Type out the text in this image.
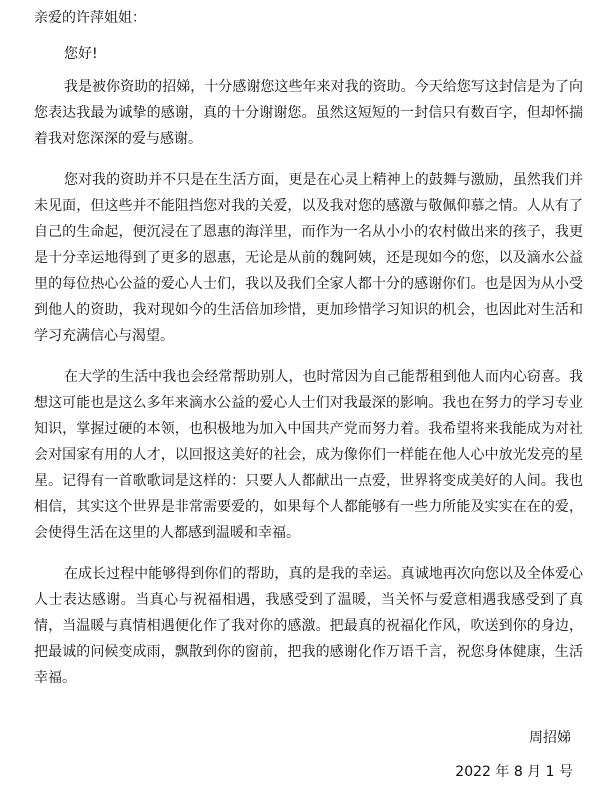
亲爱的许萍姐姐：

您好!

我是被你资助的招娣，十分感谢您这些年来对我的资助。今天给您写这封信是为了向您表达我最为诚挚的感谢，真的十分谢谢您。虽然这短短的一封信只有数百字，但却怀揣着我对您深深的爱与感谢。

您对我的资助并不只是在生活方面，更是在心灵上精神上的鼓舞与激励，虽然我们并未见面，但这些并不能阻挡您对我的关爱，以及我对您的感激与敬佩仰慕之情。人从有了自己的生命起，便沉浸在了恩惠的海洋里，而作为一名从小小的农村做出来的孩子，我更是十分幸运地得到了更多的恩惠，无论是从前的魏阿姨，还是现如今的您，以及滴水公益里的每位热心公益的爱心人士们，我以及我们全家人都十分的感谢你们。也是因为从小受到他人的资助，我对现如今的生活倍加珍惜，更加珍惜学习知识的机会，也因此对生活和学习充满信心与渴望。

在大学的生活中我也会经常帮助别人，也时常因为自己能帮租到他人而内心窃喜。我想这可能也是这么多年来滴水公益的爱心人士们对我最深的影响。我也在努力的学习专业知识，掌握过硬的本领，也积极地为加入中国共产党而努力着。我希望将来我能成为对社会对国家有用的人才，以回报这美好的社会，成为像你们一样能在他人心中放光发亮的星星。记得有一首歌歌词是这样的：只要人人都献出一点爱，世界将变成美好的人间。我也相信，其实这个世界是非常需要爱的，如果每个人都能够有一些力所能及实实在在的爱，会使得生活在这里的人都感到温暖和幸福。

在成长过程中能够得到你们的帮助，真的是我的幸运。真诚地再次向您以及全体爱心人士表达感谢。当真心与祝福相遇，我感受到了温暖，当关怀与爱意相遇我感受到了真情，当温暖与真情相遇便化作了我对你的感激。把最真的祝福化作风，吹送到你的身边，把最诚的问候变成雨，飘散到你的窗前，把我的感谢化作万语千言，祝您身体健康，生活幸福。

周招娣
2022 年 8 月 1 号
